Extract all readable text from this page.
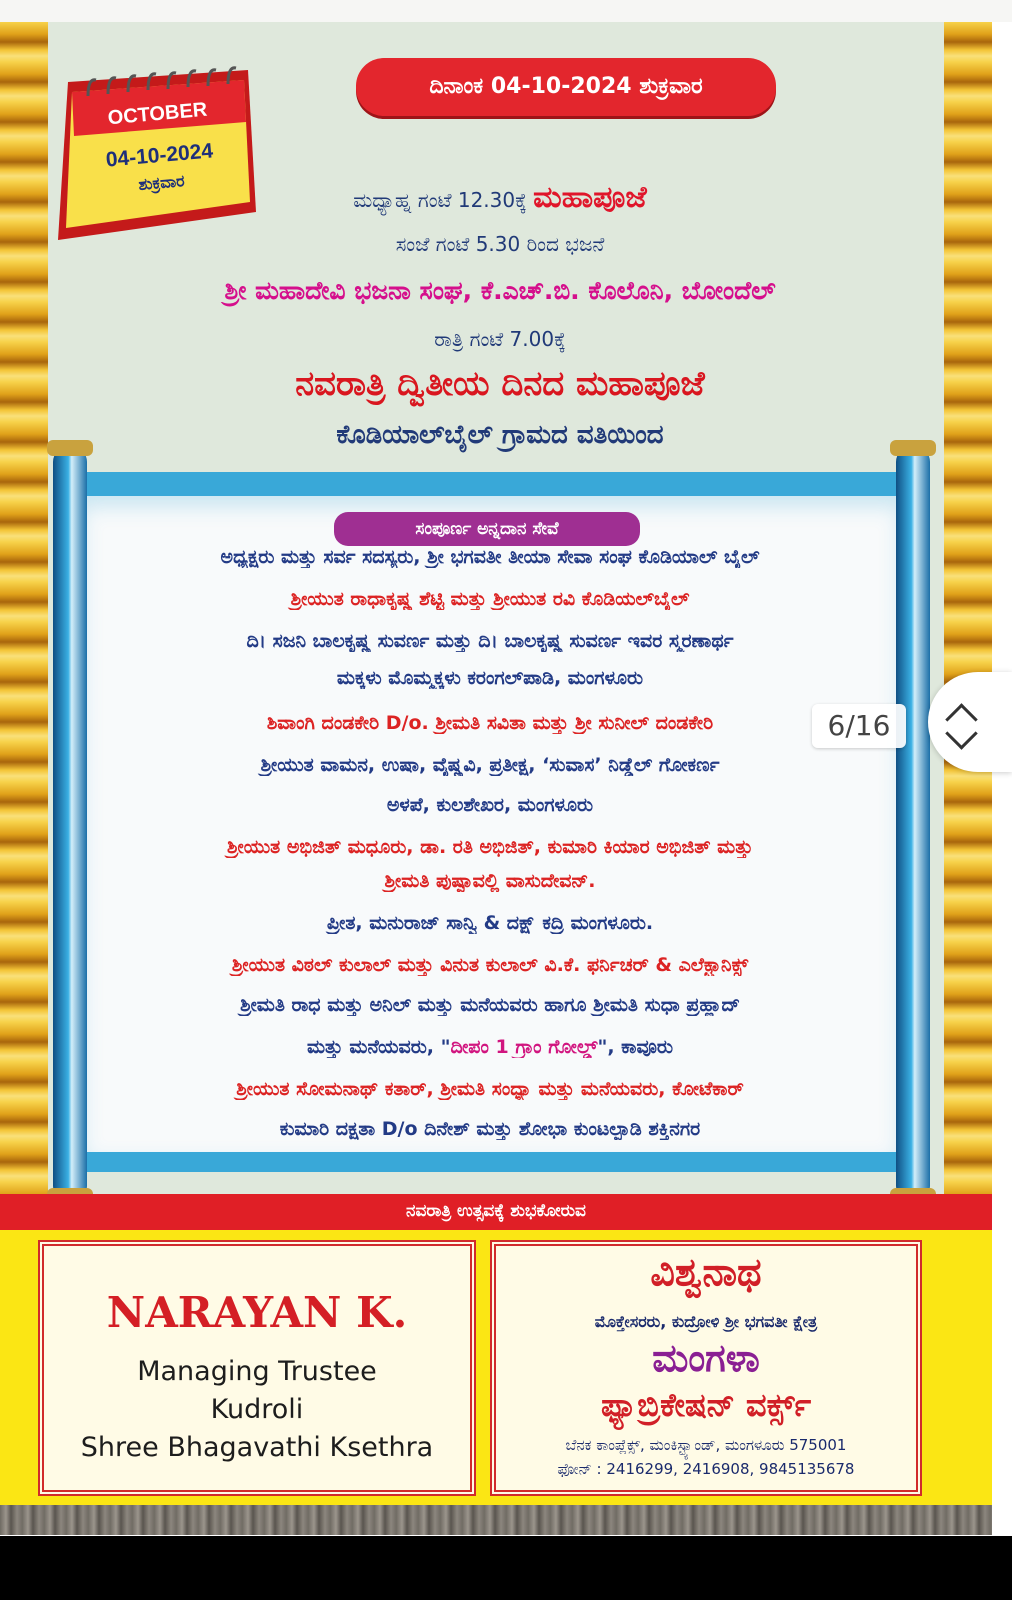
OCTOBER
04-10-2024
ಶುಕ್ರವಾರ
ದಿನಾಂಕ 04-10-2024 ಶುಕ್ರವಾರ
ಮಧ್ಯಾಹ್ನ ಗಂಟೆ 12.30ಕ್ಕೆ ಮಹಾಪೂಜೆ
ಸಂಜೆ ಗಂಟೆ 5.30 ರಿಂದ ಭಜನೆ
ಶ್ರೀ ಮಹಾದೇವಿ ಭಜನಾ ಸಂಘ, ಕೆ.ಎಚ್.ಬಿ. ಕೊಲೊನಿ, ಬೋಂದೆಲ್
ರಾತ್ರಿ ಗಂಟೆ 7.00ಕ್ಕೆ
ನವರಾತ್ರಿ ದ್ವಿತೀಯ ದಿನದ ಮಹಾಪೂಜೆ
ಕೊಡಿಯಾಲ್‌ಬೈಲ್ ಗ್ರಾಮದ ವತಿಯಿಂದ
ಸಂಪೂರ್ಣ ಅನ್ನದಾನ ಸೇವೆ
ಅಧ್ಯಕ್ಷರು ಮತ್ತು ಸರ್ವ ಸದಸ್ಯರು, ಶ್ರೀ ಭಗವತೀ ತೀಯಾ ಸೇವಾ ಸಂಘ ಕೊಡಿಯಾಲ್ ಬೈಲ್
ಶ್ರೀಯುತ ರಾಧಾಕೃಷ್ಣ ಶೆಟ್ಟಿ ಮತ್ತು ಶ್ರೀಯುತ ರವಿ ಕೊಡಿಯಲ್‌ಬೈಲ್
ದಿ। ಸಜನಿ ಬಾಲಕೃಷ್ಣ ಸುವರ್ಣ ಮತ್ತು ದಿ। ಬಾಲಕೃಷ್ಣ ಸುವರ್ಣ ಇವರ ಸ್ಮರಣಾರ್ಥ
ಮಕ್ಕಳು ಮೊಮ್ಮಕ್ಕಳು ಕರಂಗಲ್‌ಪಾಡಿ, ಮಂಗಳೂರು
ಶಿವಾಂಗಿ ದಂಡಕೇರಿ D/o. ಶ್ರೀಮತಿ ಸವಿತಾ ಮತ್ತು ಶ್ರೀ ಸುನೀಲ್ ದಂಡಕೇರಿ
ಶ್ರೀಯುತ ವಾಮನ, ಉಷಾ, ವೈಷ್ಣವಿ, ಪ್ರತೀಕ್ಷ, ‘ಸುವಾಸ’ ನಿಡ್ಡೆಲ್ ಗೋಕರ್ಣ
ಅಳಪೆ, ಕುಲಶೇಖರ, ಮಂಗಳೂರು
ಶ್ರೀಯುತ ಅಭಿಜಿತ್ ಮಧೂರು, ಡಾ. ರತಿ ಅಭಿಜಿತ್, ಕುಮಾರಿ ಕಿಯಾರ ಅಭಿಜಿತ್ ಮತ್ತು
ಶ್ರೀಮತಿ ಪುಷ್ಪಾವಲ್ಲಿ ವಾಸುದೇವನ್.
ಪ್ರೀತ, ಮನುರಾಜ್ ಸಾನ್ವಿ & ದಕ್ಷ್ ಕದ್ರಿ ಮಂಗಳೂರು.
ಶ್ರೀಯುತ ವಿಠಲ್ ಕುಲಾಲ್ ಮತ್ತು ವಿನುತ ಕುಲಾಲ್ ವಿ.ಕೆ. ಫರ್ನಿಚರ್ & ಎಲೆಕ್ಟ್ರಾನಿಕ್ಸ್
ಶ್ರೀಮತಿ ರಾಧ ಮತ್ತು ಅನಿಲ್ ಮತ್ತು ಮನೆಯವರು ಹಾಗೂ ಶ್ರೀಮತಿ ಸುಧಾ ಪ್ರಹ್ಲಾದ್
ಮತ್ತು ಮನೆಯವರು, "ದೀಪಂ 1 ಗ್ರಾಂ ಗೋಲ್ಡ್", ಕಾವೂರು
ಶ್ರೀಯುತ ಸೋಮನಾಥ್ ಕತಾರ್, ಶ್ರೀಮತಿ ಸಂಧ್ಯಾ ಮತ್ತು ಮನೆಯವರು, ಕೋಟೆಕಾರ್
ಕುಮಾರಿ ದಕ್ಷತಾ D/o ದಿನೇಶ್ ಮತ್ತು ಶೋಭಾ ಕುಂಟಲ್ಪಾಡಿ ಶಕ್ತಿನಗರ
ನವರಾತ್ರಿ ಉತ್ಸವಕ್ಕೆ ಶುಭಕೋರುವ
NARAYAN K.
Managing Trustee
Kudroli
Shree Bhagavathi Ksethra
ವಿಶ್ವನಾಥ
ಮೊಕ್ತೇಸರರು, ಕುದ್ರೋಳಿ ಶ್ರೀ ಭಗವತೀ ಕ್ಷೇತ್ರ
ಮಂಗಳಾ
ಫ್ಯಾಬ್ರಿಕೇಷನ್ ವರ್ಕ್ಸ್
ಬೆನಕ ಕಾಂಪ್ಲೆಕ್ಸ್, ಮಂಕಿಸ್ಟ್ಯಾಂಡ್, ಮಂಗಳೂರು 575001
ಫೋನ್ : 2416299, 2416908, 9845135678
6/16
